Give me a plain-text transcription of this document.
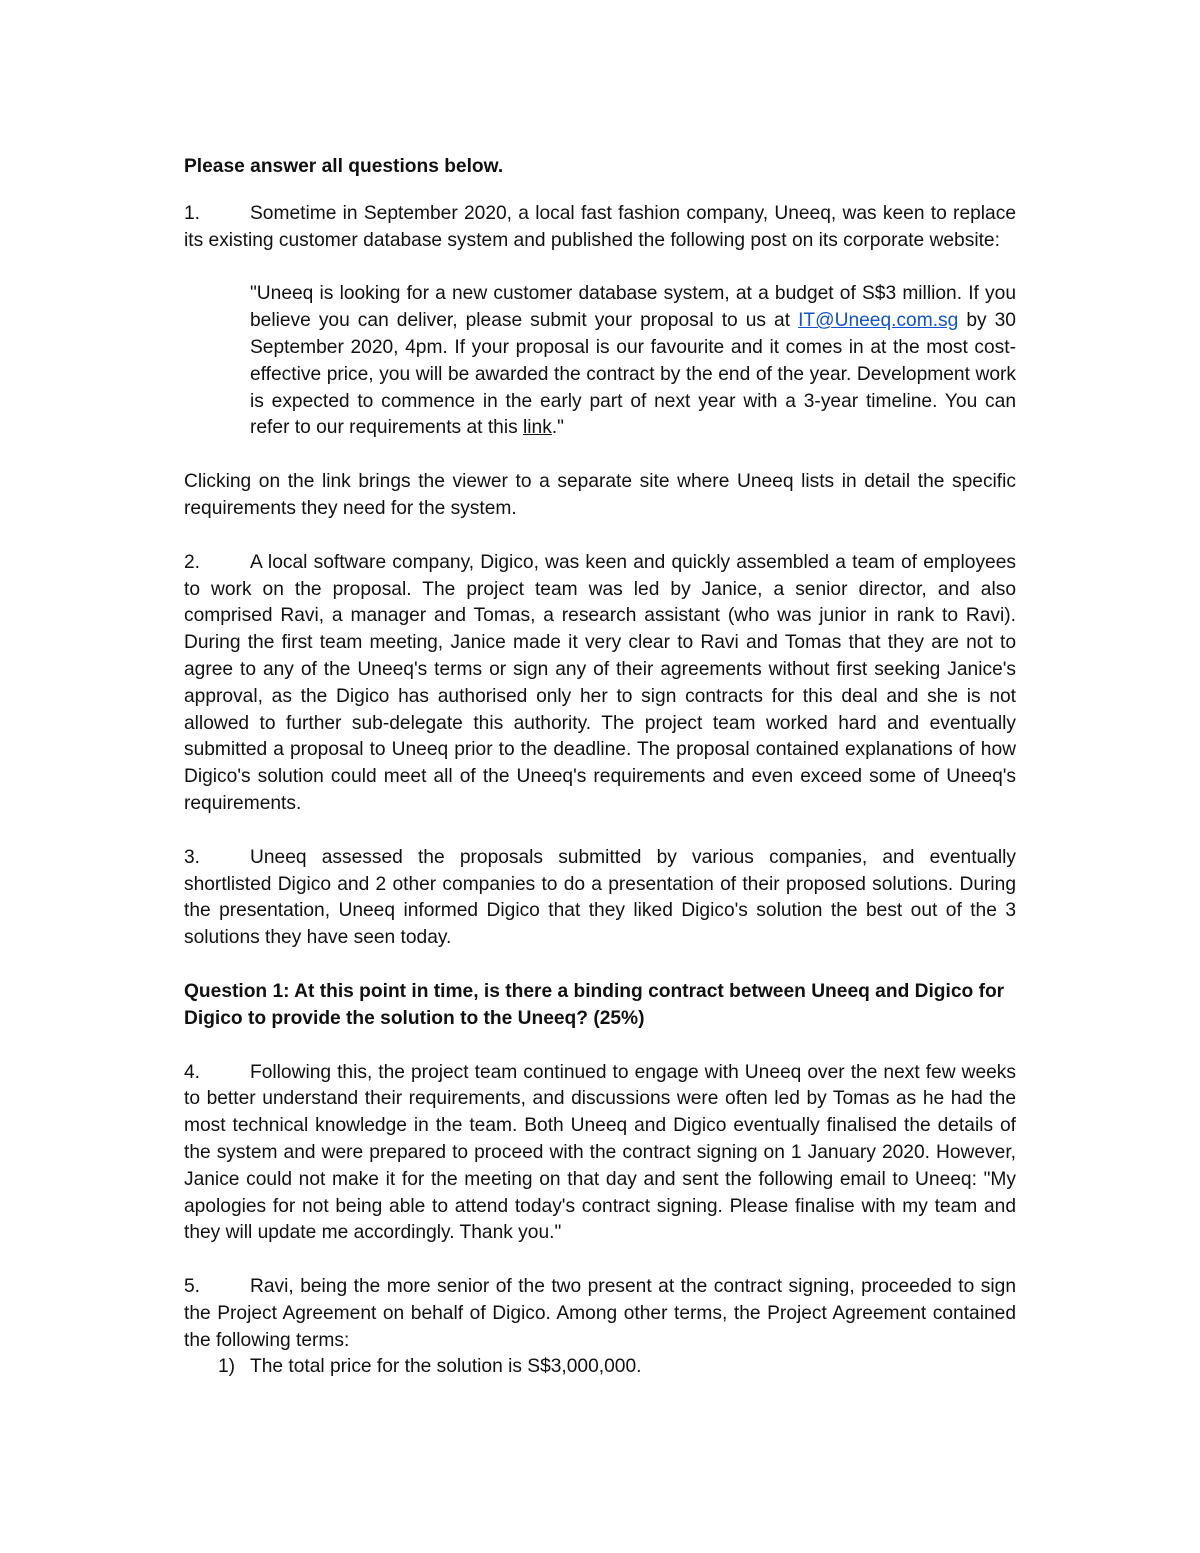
Please answer all questions below.

1.	Sometime in September 2020, a local fast fashion company, Uneeq, was keen to replace its existing customer database system and published the following post on its corporate website:

"Uneeq is looking for a new customer database system, at a budget of S$3 million. If you believe you can deliver, please submit your proposal to us at IT@Uneeq.com.sg by 30 September 2020, 4pm. If your proposal is our favourite and it comes in at the most cost-effective price, you will be awarded the contract by the end of the year. Development work is expected to commence in the early part of next year with a 3-year timeline. You can refer to our requirements at this link."

Clicking on the link brings the viewer to a separate site where Uneeq lists in detail the specific requirements they need for the system.

2.	A local software company, Digico, was keen and quickly assembled a team of employees to work on the proposal. The project team was led by Janice, a senior director, and also comprised Ravi, a manager and Tomas, a research assistant (who was junior in rank to Ravi). During the first team meeting, Janice made it very clear to Ravi and Tomas that they are not to agree to any of the Uneeq's terms or sign any of their agreements without first seeking Janice's approval, as the Digico has authorised only her to sign contracts for this deal and she is not allowed to further sub-delegate this authority. The project team worked hard and eventually submitted a proposal to Uneeq prior to the deadline. The proposal contained explanations of how Digico's solution could meet all of the Uneeq's requirements and even exceed some of Uneeq's requirements.

3.	Uneeq assessed the proposals submitted by various companies, and eventually shortlisted Digico and 2 other companies to do a presentation of their proposed solutions. During the presentation, Uneeq informed Digico that they liked Digico's solution the best out of the 3 solutions they have seen today.

Question 1: At this point in time, is there a binding contract between Uneeq and Digico for Digico to provide the solution to the Uneeq? (25%)

4.	Following this, the project team continued to engage with Uneeq over the next few weeks to better understand their requirements, and discussions were often led by Tomas as he had the most technical knowledge in the team. Both Uneeq and Digico eventually finalised the details of the system and were prepared to proceed with the contract signing on 1 January 2020. However, Janice could not make it for the meeting on that day and sent the following email to Uneeq: "My apologies for not being able to attend today's contract signing. Please finalise with my team and they will update me accordingly. Thank you."

5.	Ravi, being the more senior of the two present at the contract signing, proceeded to sign the Project Agreement on behalf of Digico. Among other terms, the Project Agreement contained the following terms:

1) The total price for the solution is S$3,000,000.
